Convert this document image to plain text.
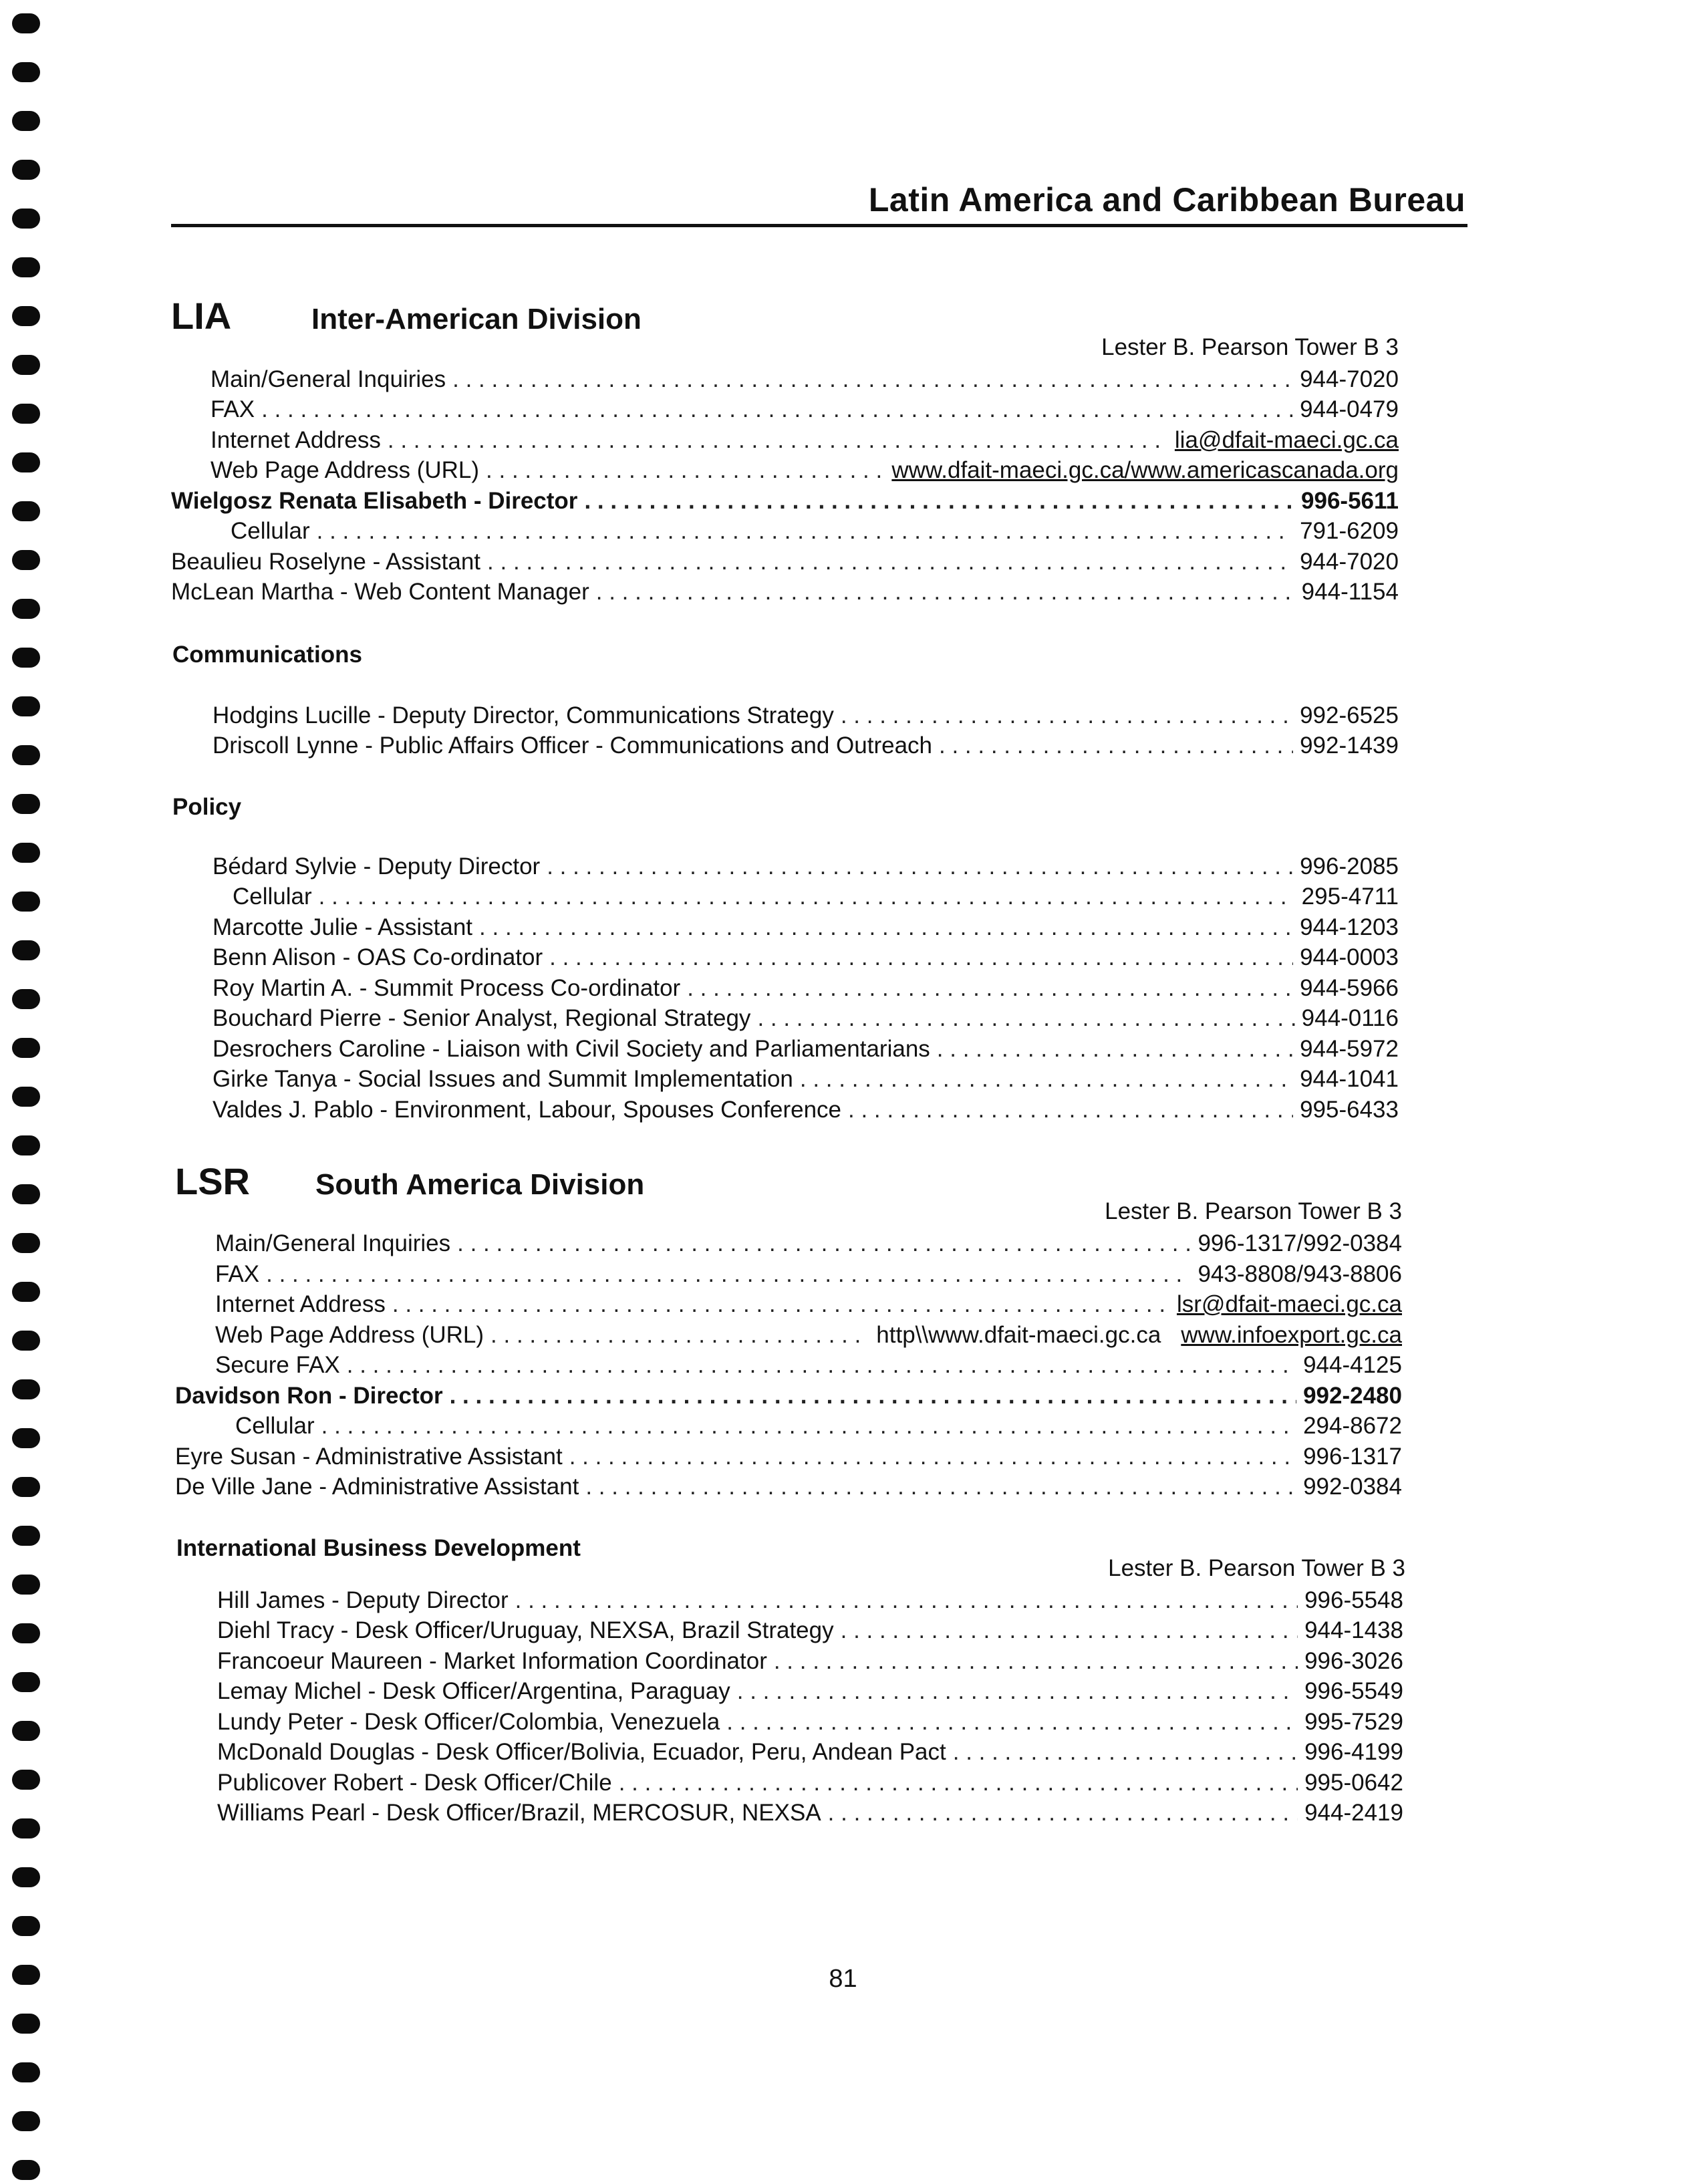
Latin America and Caribbean Bureau
LIA	Inter-American Division
Lester B. Pearson Tower B 3
Main/General Inquiries . . .	944-7020
FAX . . .	944-0479
Internet Address . . .	lia@dfait-maeci.gc.ca
Web Page Address (URL) . . .	www.dfait-maeci.gc.ca/www.americascanada.org
Wielgosz Renata Elisabeth - Director . . .	996-5611
Cellular . . .	791-6209
Beaulieu Roselyne - Assistant . . .	944-7020
McLean Martha - Web Content Manager . . .	944-1154
Communications
Hodgins Lucille - Deputy Director, Communications Strategy . . .	992-6525
Driscoll Lynne - Public Affairs Officer - Communications and Outreach . . .	992-1439
Policy
Bédard Sylvie - Deputy Director . . .	996-2085
Cellular . . .	295-4711
Marcotte Julie - Assistant . . .	944-1203
Benn Alison - OAS Co-ordinator . . .	944-0003
Roy Martin A. - Summit Process Co-ordinator . . .	944-5966
Bouchard Pierre - Senior Analyst, Regional Strategy . . .	944-0116
Desrochers Caroline - Liaison with Civil Society and Parliamentarians . . .	944-5972
Girke Tanya - Social Issues and Summit Implementation . . .	944-1041
Valdes J. Pablo - Environment, Labour, Spouses Conference . . .	995-6433
LSR	South America Division
Lester B. Pearson Tower B 3
Main/General Inquiries . . .	996-1317/992-0384
FAX . . .	943-8808/943-8806
Internet Address . . .	lsr@dfait-maeci.gc.ca
Web Page Address (URL) . . .	http\\www.dfait-maeci.gc.ca www.infoexport.gc.ca
Secure FAX . . .	944-4125
Davidson Ron - Director . . .	992-2480
Cellular . . .	294-8672
Eyre Susan - Administrative Assistant . . .	996-1317
De Ville Jane - Administrative Assistant . . .	992-0384
International Business Development
Lester B. Pearson Tower B 3
Hill James - Deputy Director . . .	996-5548
Diehl Tracy - Desk Officer/Uruguay, NEXSA, Brazil Strategy . . .	944-1438
Francoeur Maureen - Market Information Coordinator . . .	996-3026
Lemay Michel - Desk Officer/Argentina, Paraguay . . .	996-5549
Lundy Peter - Desk Officer/Colombia, Venezuela . . .	995-7529
McDonald Douglas - Desk Officer/Bolivia, Ecuador, Peru, Andean Pact . . .	996-4199
Publicover Robert - Desk Officer/Chile . . .	995-0642
Williams Pearl - Desk Officer/Brazil, MERCOSUR, NEXSA . . .	944-2419
81
